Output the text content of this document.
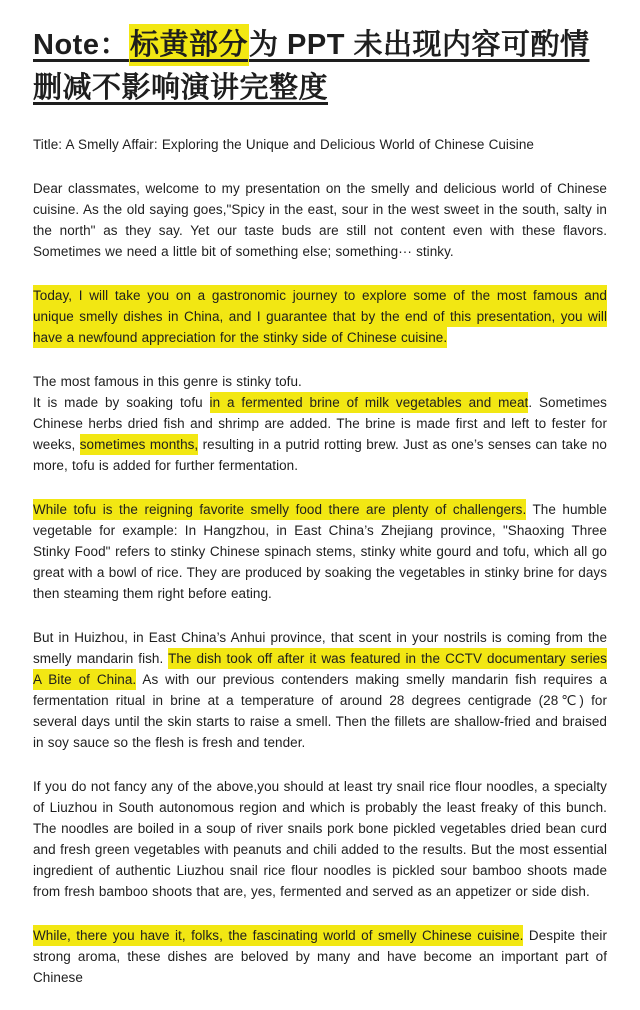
Note：标黄部分为 PPT 未出现内容可酌情删减不影响演讲完整度

Title: A Smelly Affair: Exploring the Unique and Delicious World of Chinese Cuisine

Dear classmates, welcome to my presentation on the smelly and delicious world of Chinese cuisine. As the old saying goes,"Spicy in the east, sour in the west sweet in the south, salty in the north" as they say. Yet our taste buds are still not content even with these flavors. Sometimes we need a little bit of something else; something··· stinky.

Today, I will take you on a gastronomic journey to explore some of the most famous and unique smelly dishes in China, and I guarantee that by the end of this presentation, you will have a newfound appreciation for the stinky side of Chinese cuisine.

The most famous in this genre is stinky tofu.
It is made by soaking tofu in a fermented brine of milk vegetables and meat. Sometimes Chinese herbs dried fish and shrimp are added. The brine is made first and left to fester for weeks, sometimes months, resulting in a putrid rotting brew. Just as one’s senses can take no more, tofu is added for further fermentation.

While tofu is the reigning favorite smelly food there are plenty of challengers. The humble vegetable for example: In Hangzhou, in East China’s Zhejiang province, "Shaoxing Three Stinky Food" refers to stinky Chinese spinach stems, stinky white gourd and tofu, which all go great with a bowl of rice. They are produced by soaking the vegetables in stinky brine for days then steaming them right before eating.

But in Huizhou, in East China’s Anhui province, that scent in your nostrils is coming from the smelly mandarin fish. The dish took off after it was featured in the CCTV documentary series A Bite of China. As with our previous contenders making smelly mandarin fish requires a fermentation ritual in brine at a temperature of around 28 degrees centigrade (28℃) for several days until the skin starts to raise a smell. Then the fillets are shallow-fried and braised in soy sauce so the flesh is fresh and tender.

If you do not fancy any of the above,you should at least try snail rice flour noodles, a specialty of Liuzhou in South autonomous region and which is probably the least freaky of this bunch. The noodles are boiled in a soup of river snails pork bone pickled vegetables dried bean curd and fresh green vegetables with peanuts and chili added to the results. But the most essential ingredient of authentic Liuzhou snail rice flour noodles is pickled sour bamboo shoots made from fresh bamboo shoots that are, yes, fermented and served as an appetizer or side dish.

While, there you have it, folks, the fascinating world of smelly Chinese cuisine. Despite their strong aroma, these dishes are beloved by many and have become an important part of Chinese
